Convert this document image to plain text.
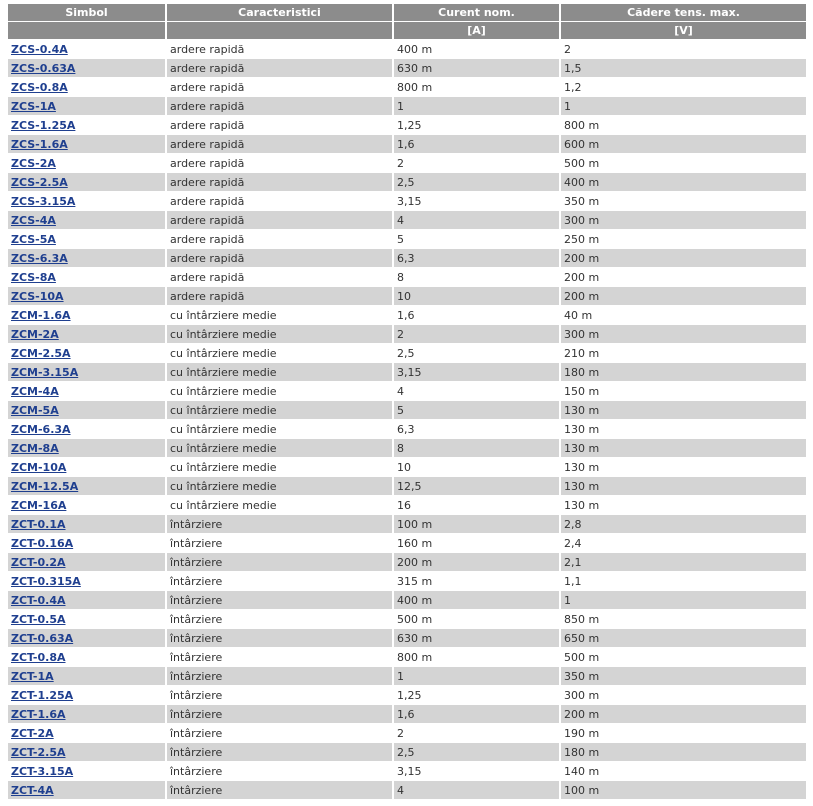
Simbol	Caracteristici	Curent nom.	Cădere tens. max.
		[A]	[V]
ZCS-0.4A	ardere rapidă	400 m	2
ZCS-0.63A	ardere rapidă	630 m	1,5
ZCS-0.8A	ardere rapidă	800 m	1,2
ZCS-1A	ardere rapidă	1	1
ZCS-1.25A	ardere rapidă	1,25	800 m
ZCS-1.6A	ardere rapidă	1,6	600 m
ZCS-2A	ardere rapidă	2	500 m
ZCS-2.5A	ardere rapidă	2,5	400 m
ZCS-3.15A	ardere rapidă	3,15	350 m
ZCS-4A	ardere rapidă	4	300 m
ZCS-5A	ardere rapidă	5	250 m
ZCS-6.3A	ardere rapidă	6,3	200 m
ZCS-8A	ardere rapidă	8	200 m
ZCS-10A	ardere rapidă	10	200 m
ZCM-1.6A	cu întârziere medie	1,6	40 m
ZCM-2A	cu întârziere medie	2	300 m
ZCM-2.5A	cu întârziere medie	2,5	210 m
ZCM-3.15A	cu întârziere medie	3,15	180 m
ZCM-4A	cu întârziere medie	4	150 m
ZCM-5A	cu întârziere medie	5	130 m
ZCM-6.3A	cu întârziere medie	6,3	130 m
ZCM-8A	cu întârziere medie	8	130 m
ZCM-10A	cu întârziere medie	10	130 m
ZCM-12.5A	cu întârziere medie	12,5	130 m
ZCM-16A	cu întârziere medie	16	130 m
ZCT-0.1A	întârziere	100 m	2,8
ZCT-0.16A	întârziere	160 m	2,4
ZCT-0.2A	întârziere	200 m	2,1
ZCT-0.315A	întârziere	315 m	1,1
ZCT-0.4A	întârziere	400 m	1
ZCT-0.5A	întârziere	500 m	850 m
ZCT-0.63A	întârziere	630 m	650 m
ZCT-0.8A	întârziere	800 m	500 m
ZCT-1A	întârziere	1	350 m
ZCT-1.25A	întârziere	1,25	300 m
ZCT-1.6A	întârziere	1,6	200 m
ZCT-2A	întârziere	2	190 m
ZCT-2.5A	întârziere	2,5	180 m
ZCT-3.15A	întârziere	3,15	140 m
ZCT-4A	întârziere	4	100 m
